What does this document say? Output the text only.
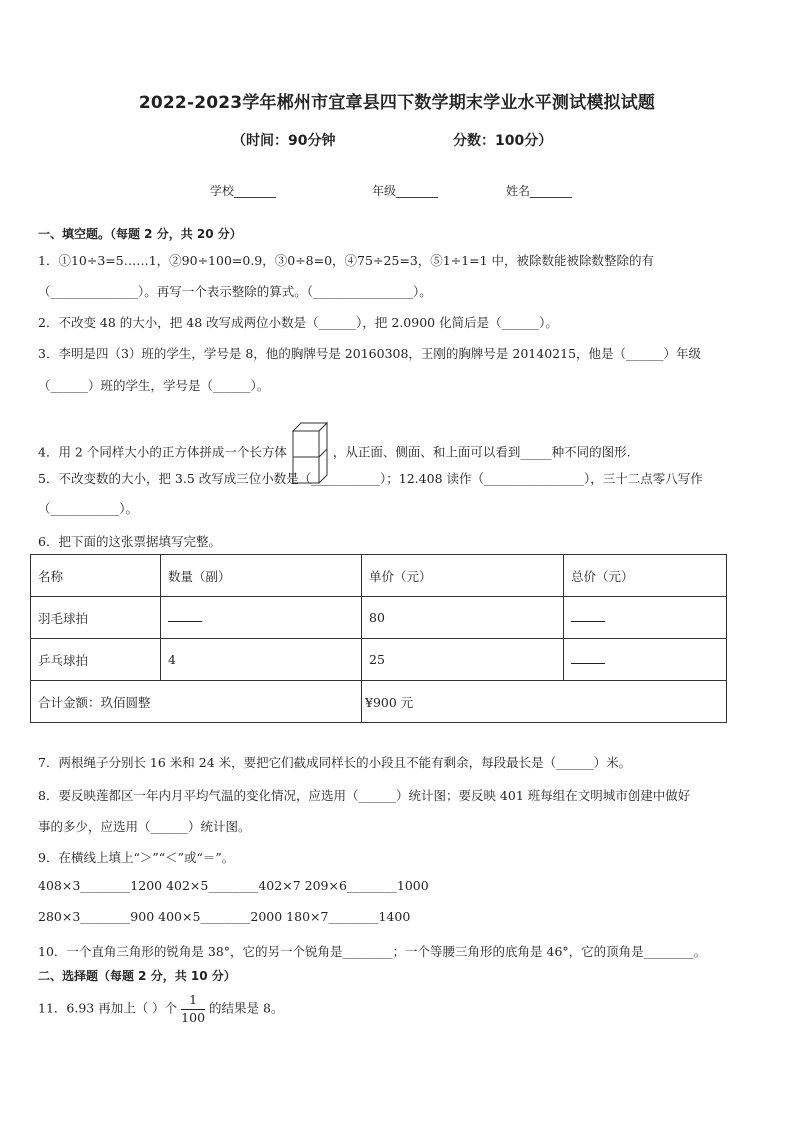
2022-2023学年郴州市宜章县四下数学期末学业水平测试模拟试题
（时间：90分钟	分数：100分）
学校_______	年级_______	姓名_______
一、填空题。（每题 2 分，共 20 分）
1．①10÷3=5……1，②90÷100=0.9，③0÷8=0，④75÷25=3，⑤1÷1=1 中，被除数能被除数整除的有
（______________）。再写一个表示整除的算式。（________________）。
2．不改变 48 的大小，把 48 改写成两位小数是（______），把 2.0900 化简后是（______）。
3．李明是四（3）班的学生，学号是 8，他的胸牌号是 20160308，王刚的胸牌号是 20140215，他是（______）年级
（______）班的学生，学号是（______）。
4．用 2 个同样大小的正方体拼成一个长方体	，从正面、侧面、和上面可以看到_____种不同的图形.
5．不改变数的大小，把 3.5 改写成三位小数是（___________）；12.408 读作（________________），三十二点零八写作
（___________）。
6．把下面的这张票据填写完整。
名称	数量（副）	单价（元）	总价（元）
羽毛球拍		80	
乒乓球拍	4	25	
合计金额：玖佰圆整		¥900 元	
7．两根绳子分别长 16 米和 24 米，要把它们截成同样长的小段且不能有剩余，每段最长是（______）米。
8．要反映莲都区一年内月平均气温的变化情况，应选用（______）统计图；要反映 401 班每组在文明城市创建中做好
事的多少，应选用（______）统计图。
9．在横线上填上“＞”“＜”或“＝”。
408×3________1200 402×5________402×7 209×6________1000
280×3________900 400×5________2000 180×7________1400
10．一个直角三角形的锐角是 38°，它的另一个锐角是________；一个等腰三角形的底角是 46°，它的顶角是________。
二、选择题（每题 2 分，共 10 分）
11．6.93 再加上（ ）个 $\frac{1}{100}$ 的结果是 8。
